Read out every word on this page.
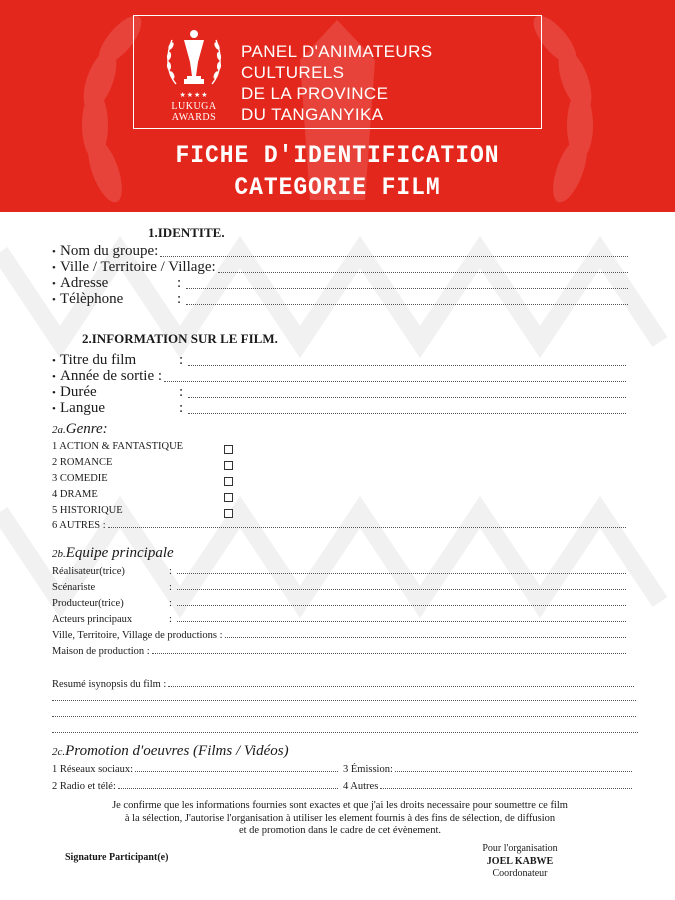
★★★★
LUKUGA
AWARDS
PANEL D'ANIMATEURS CULTURELS
DE LA PROVINCE
DU TANGANYIKA
FICHE D'IDENTIFICATION
CATEGORIE FILM
1.IDENTITE.
• Nom du groupe:
• Ville / Territoire / Village:
• Adresse	:
• Télèphone	:
2.INFORMATION SUR LE FILM.
• Titre du film	:
• Année de sortie :
• Durée	:
• Langue	:
2a.Genre:
1 ACTION & FANTASTIQUE
2 ROMANCE
3 COMEDIE
4 DRAME
5 HISTORIQUE
6 AUTRES :
2b.Equipe principale
Réalisateur(trice)	:
Scénariste	:
Producteur(trice)	:
Acteurs principaux	:
Ville, Territoire, Village de productions :
Maison de production :
Resumé isynopsis du film :
2c.Promotion d'oeuvres (Films / Vidéos)
1 Réseaux sociaux:	3 Émission:
2 Radio et télé:	4 Autres
Je confirme que les informations fournies sont exactes et que j'ai les droits necessaire pour soumettre ce film
à la sélection, J'autorise l'organisation à utiliser les element fournis à des fins de sélection, de diffusion
et de promotion dans le cadre de cet évènement.
Signature Participant(e)
Pour l'organisation
JOEL KABWE
Coordonateur
